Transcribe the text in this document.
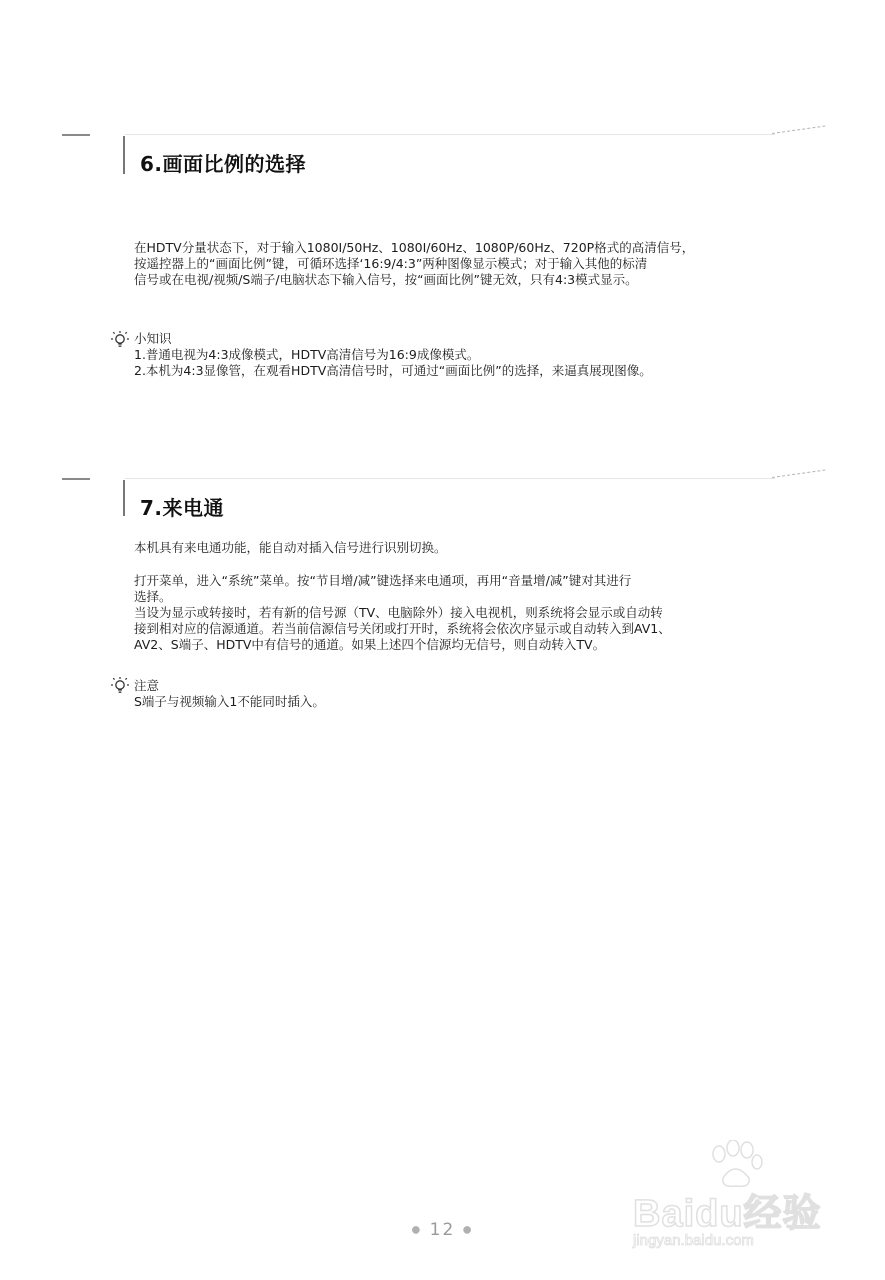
6.画面比例的选择

在HDTV分量状态下，对于输入1080I/50Hz、1080I/60Hz、1080P/60Hz、720P格式的高清信号，

按遥控器上的“画面比例”键，可循环选择‘16:9/4:3”两种图像显示模式；对于输入其他的标清

信号或在电视/视频/S端子/电脑状态下输入信号，按“画面比例”键无效，只有4:3模式显示。

小知识

1.普通电视为4:3成像模式，HDTV高清信号为16:9成像模式。

2.本机为4:3显像管，在观看HDTV高清信号时，可通过“画面比例”的选择，来逼真展现图像。

7.来电通

本机具有来电通功能，能自动对插入信号进行识别切换。

打开菜单，进入“系统”菜单。按“节目增/减”键选择来电通项，再用“音量增/减”键对其进行

选择。

当设为显示或转接时，若有新的信号源（TV、电脑除外）接入电视机，则系统将会显示或自动转

接到相对应的信源通道。若当前信源信号关闭或打开时，系统将会依次序显示或自动转入到AV1、

AV2、S端子、HDTV中有信号的通道。如果上述四个信源均无信号，则自动转入TV。

注意

S端子与视频输入1不能同时插入。

Baidu经验
jingyan.baidu.com
● 12 ●
